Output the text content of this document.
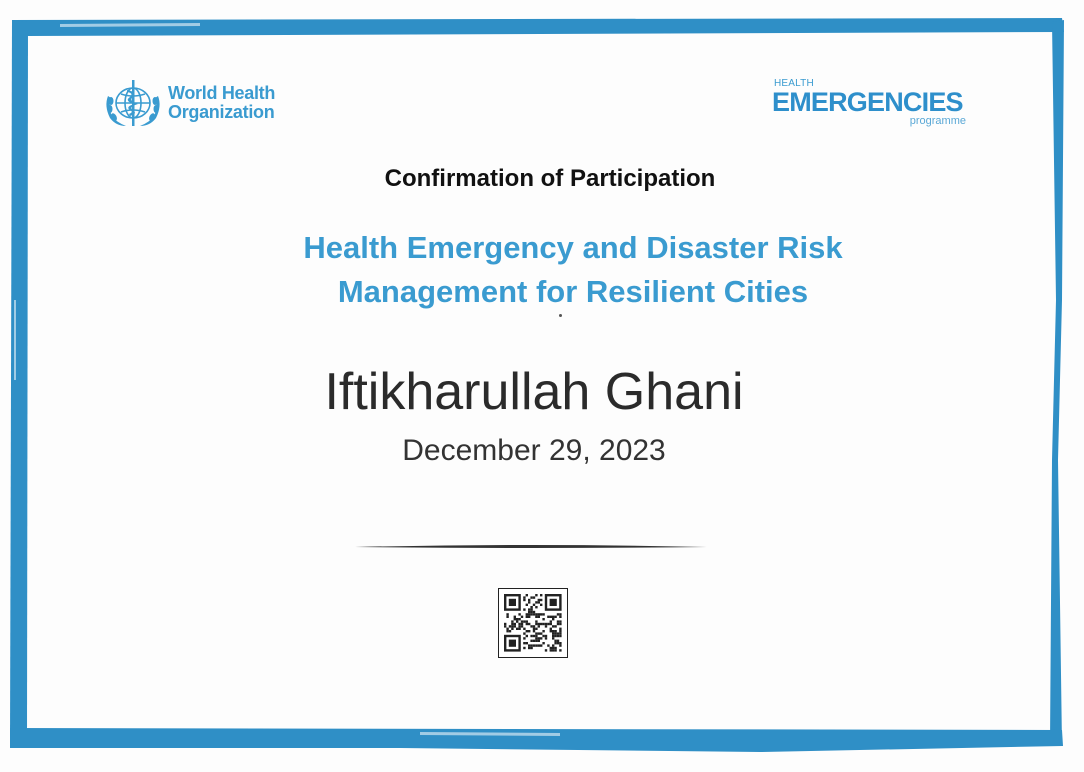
World Health
Organization
HEALTH
EMERGENCIES
programme
Confirmation of Participation
Health Emergency and Disaster Risk
Management for Resilient Cities
Iftikharullah Ghani
December 29, 2023
